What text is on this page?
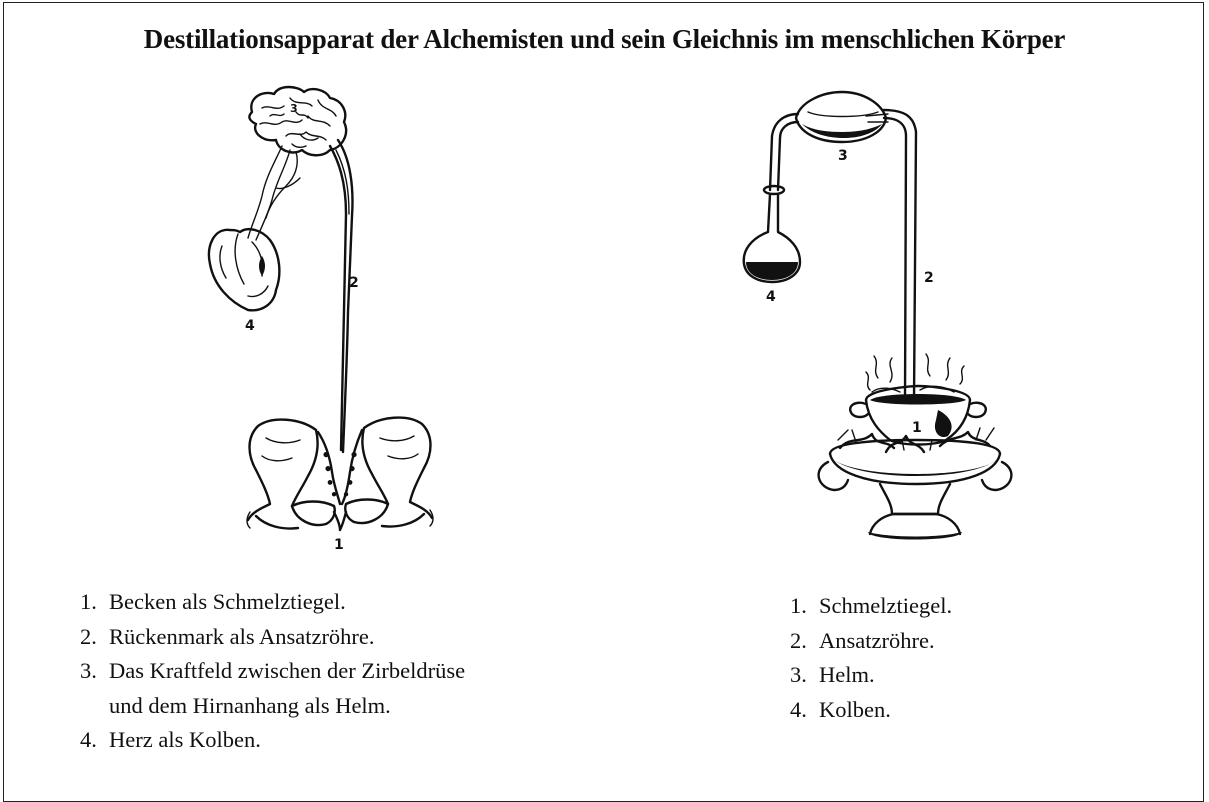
Destillationsapparat der Alchemisten und sein Gleichnis im menschlichen Körper
2
4
1
3
3
2
4
1
1. Becken als Schmelztiegel.
2. Rückenmark als Ansatzröhre.
3. Das Kraftfeld zwischen der Zirbeldrüse
und dem Hirnanhang als Helm.
4. Herz als Kolben.
1. Schmelztiegel.
2. Ansatzröhre.
3. Helm.
4. Kolben.
